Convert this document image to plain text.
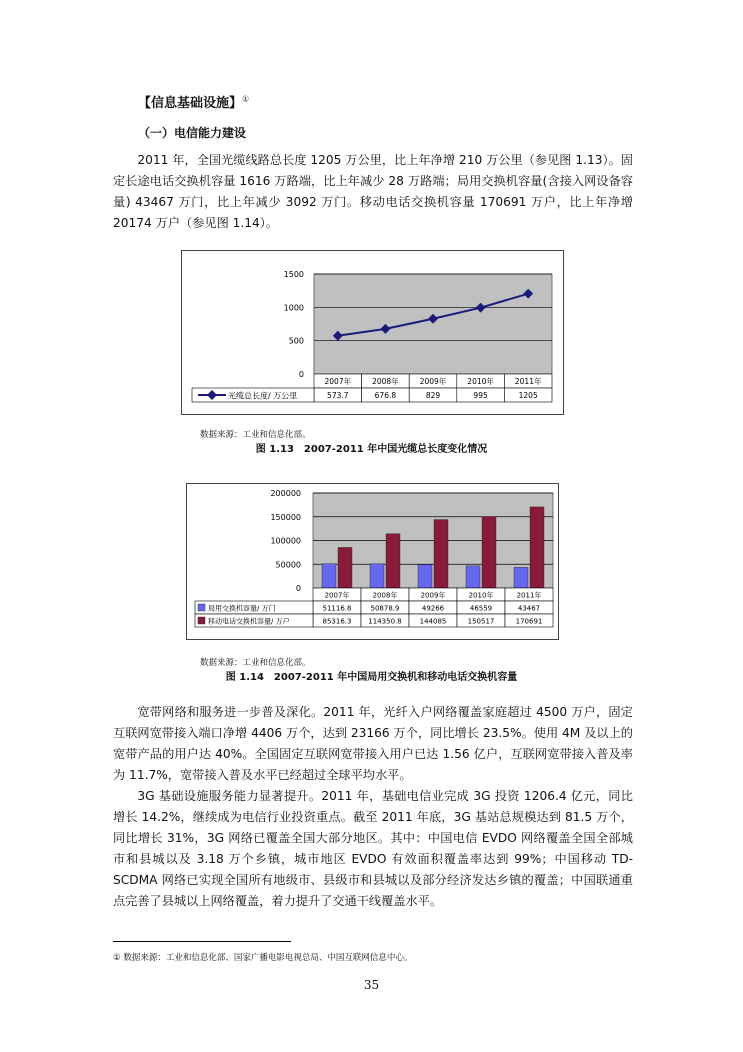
【信息基础设施】①
（一）电信能力建设
2011 年，全国光缆线路总长度 1205 万公里，比上年净增 210 万公里（参见图 1.13）。固定长途电话交换机容量 1616 万路端，比上年减少 28 万路端；局用交换机容量(含接入网设备容量) 43467 万门，比上年减少 3092 万门。移动电话交换机容量 170691 万户，比上年净增 20174 万户（参见图 1.14）。
1500
1000
500
0
2007年
573.7
2008年
676.8
2009年
829
2010年
995
2011年
1205
光缆总长度/ 万公里
数据来源：工业和信息化部。
图 1.13　2007-2011 年中国光缆总长度变化情况
200000
150000
100000
50000
0
2007年
51116.8
85316.3
2008年
50878.9
114350.8
2009年
49266
144085
2010年
46559
150517
2011年
43467
170691
局用交换机容量/ 万门
移动电话交换机容量/ 万户
数据来源：工业和信息化部。
图 1.14　2007-2011 年中国局用交换机和移动电话交换机容量
宽带网络和服务进一步普及深化。2011 年，光纤入户网络覆盖家庭超过 4500 万户，固定互联网宽带接入端口净增 4406 万个，达到 23166 万个，同比增长 23.5%。使用 4M 及以上的宽带产品的用户达 40%。全国固定互联网宽带接入用户已达 1.56 亿户，互联网宽带接入普及率为 11.7%，宽带接入普及水平已经超过全球平均水平。
3G 基础设施服务能力显著提升。2011 年，基础电信业完成 3G 投资 1206.4 亿元，同比增长 14.2%，继续成为电信行业投资重点。截至 2011 年底，3G 基站总规模达到 81.5 万个，同比增长 31%，3G 网络已覆盖全国大部分地区。其中：中国电信 EVDO 网络覆盖全国全部城市和县城以及 3.18 万个乡镇，城市地区 EVDO 有效面积覆盖率达到 99%；中国移动 TD-SCDMA 网络已实现全国所有地级市、县级市和县城以及部分经济发达乡镇的覆盖；中国联通重点完善了县城以上网络覆盖，着力提升了交通干线覆盖水平。
① 数据来源：工业和信息化部、国家广播电影电视总局、中国互联网信息中心。
35
